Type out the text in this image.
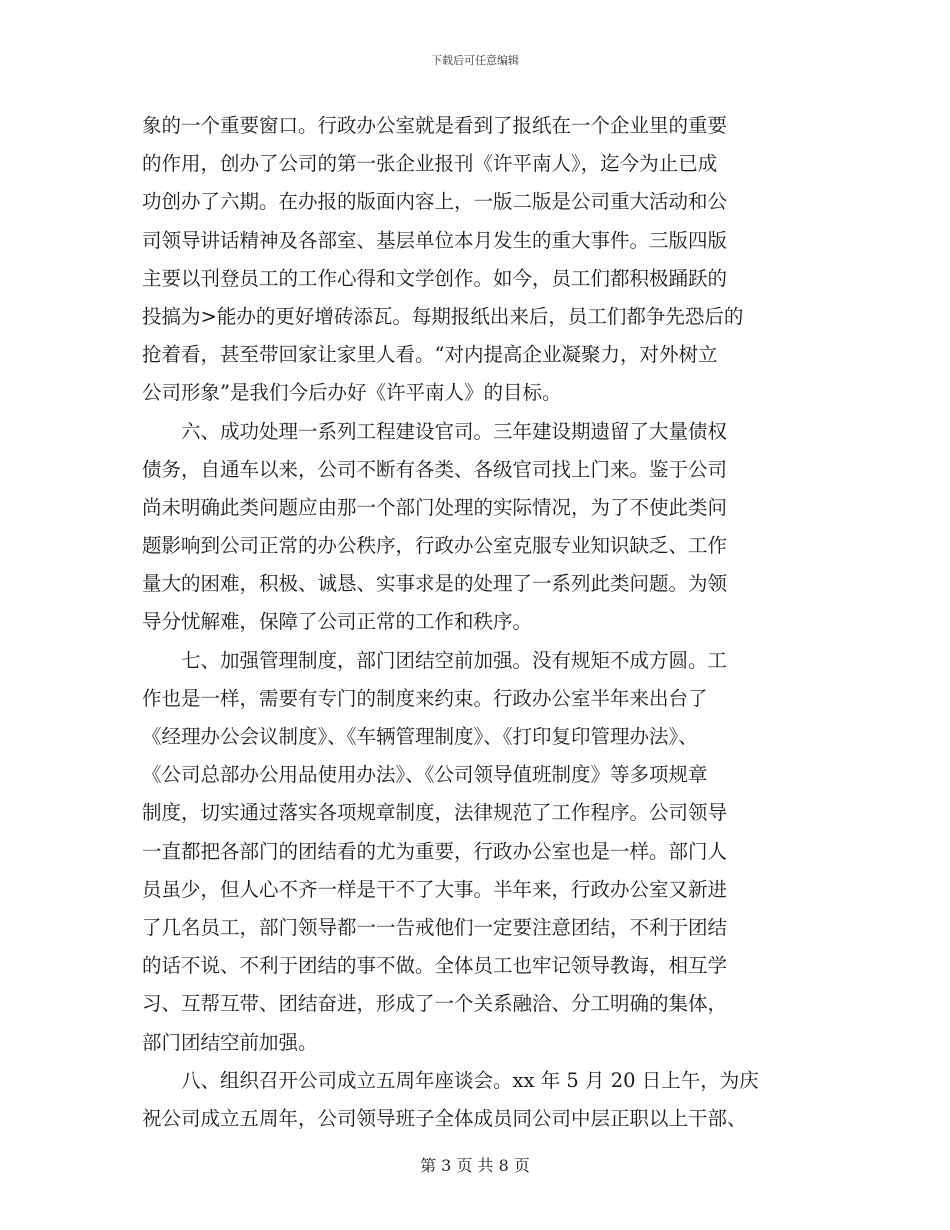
下载后可任意编辑
象的一个重要窗口。行政办公室就是看到了报纸在一个企业里的重要
的作用，创办了公司的第一张企业报刊《许平南人》，迄今为止已成
功创办了六期。在办报的版面内容上，一版二版是公司重大活动和公
司领导讲话精神及各部室、基层单位本月发生的重大事件。三版四版
主要以刊登员工的工作心得和文学创作。如今，员工们都积极踊跃的
投搞为>能办的更好增砖添瓦。每期报纸出来后，员工们都争先恐后的
抢着看，甚至带回家让家里人看。“对内提高企业凝聚力，对外树立
公司形象”是我们今后办好《许平南人》的目标。
六、成功处理一系列工程建设官司。三年建设期遗留了大量债权
债务，自通车以来，公司不断有各类、各级官司找上门来。鉴于公司
尚未明确此类问题应由那一个部门处理的实际情况，为了不使此类问
题影响到公司正常的办公秩序，行政办公室克服专业知识缺乏、工作
量大的困难，积极、诚恳、实事求是的处理了一系列此类问题。为领
导分忧解难，保障了公司正常的工作和秩序。
七、加强管理制度，部门团结空前加强。没有规矩不成方圆。工
作也是一样，需要有专门的制度来约束。行政办公室半年来出台了
《经理办公会议制度》、《车辆管理制度》、《打印复印管理办法》、
《公司总部办公用品使用办法》、《公司领导值班制度》等多项规章
制度，切实通过落实各项规章制度，法律规范了工作程序。公司领导
一直都把各部门的团结看的尤为重要，行政办公室也是一样。部门人
员虽少，但人心不齐一样是干不了大事。半年来，行政办公室又新进
了几名员工，部门领导都一一告戒他们一定要注意团结，不利于团结
的话不说、不利于团结的事不做。全体员工也牢记领导教诲，相互学
习、互帮互带、团结奋进，形成了一个关系融洽、分工明确的集体，
部门团结空前加强。
八、组织召开公司成立五周年座谈会。xx 年 5 月 20 日上午，为庆
祝公司成立五周年，公司领导班子全体成员同公司中层正职以上干部、
第 3 页 共 8 页
